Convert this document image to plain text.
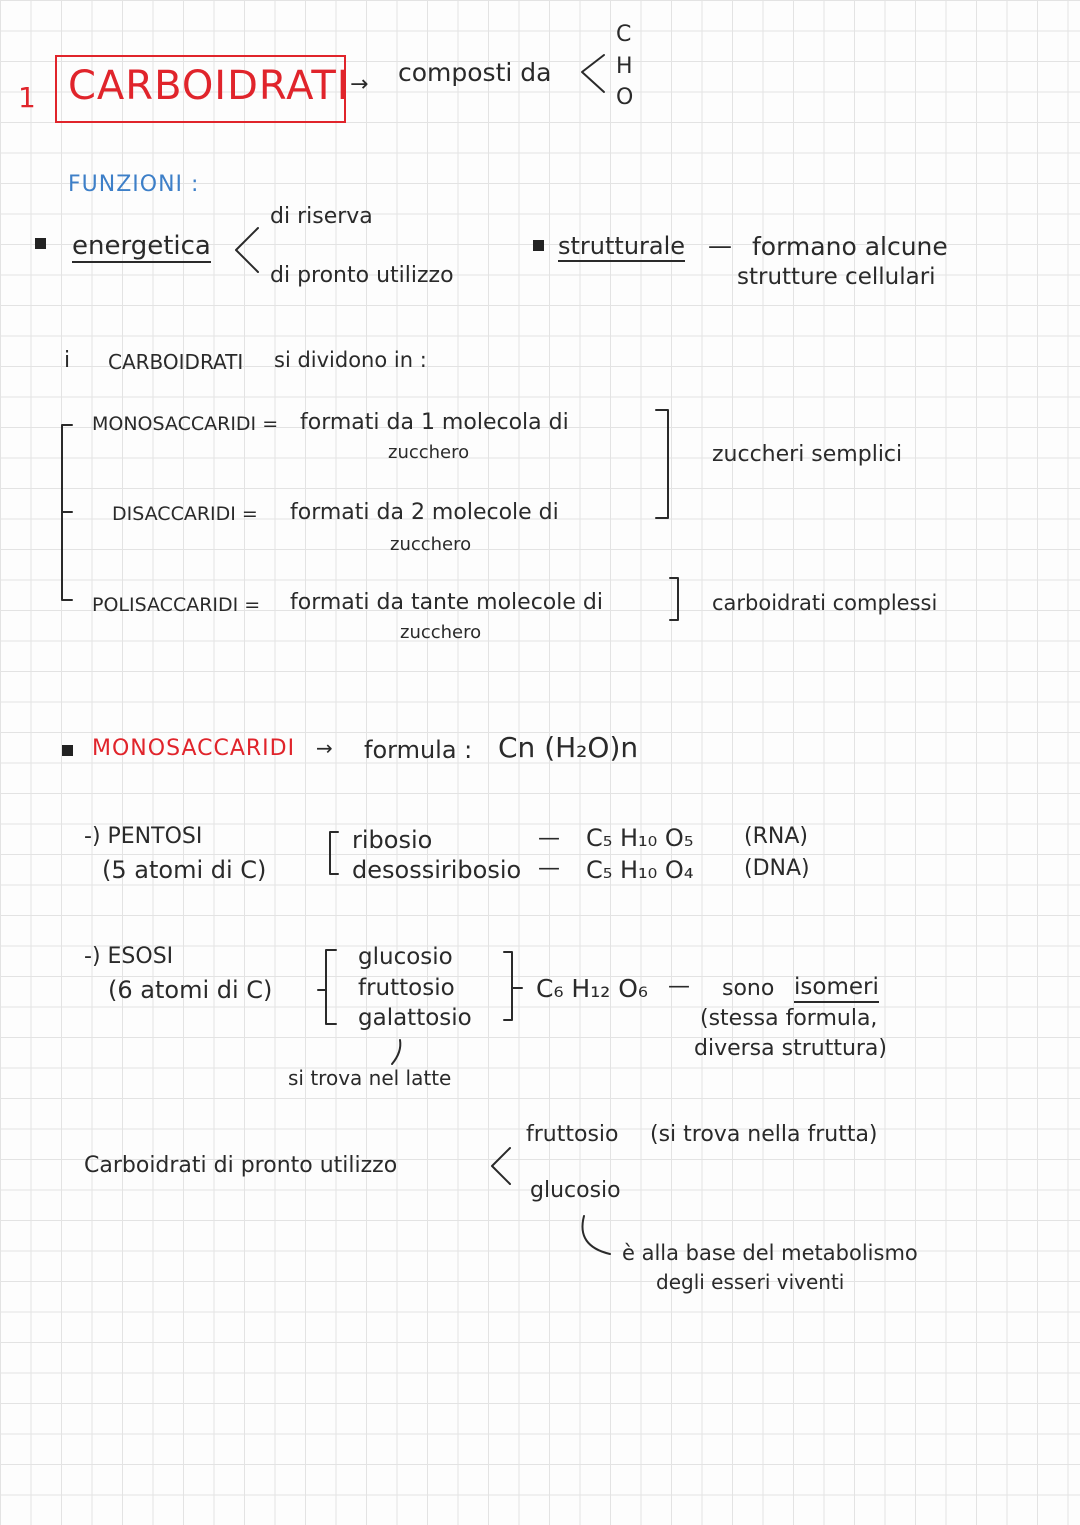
1 CARBOIDRATI → composti da
C
H
O
FUNZIONI :
energetica
di riserva
di pronto utilizzo
strutturale — formano alcune
strutture cellulari
i CARBOIDRATI si dividono in :
MONOSACCARIDI = formati da 1 molecola di
zucchero
DISACCARIDI = formati da 2 molecole di
zucchero
POLISACCARIDI = formati da tante molecole di
zucchero
zuccheri semplici
carboidrati complessi
MONOSACCARIDI → formula : Cn (H₂O)n
-) PENTOSI
(5 atomi di C)
ribosio
desossiribosio
—
—
C₅ H₁₀ O₅
C₅ H₁₀ O₄
(RNA)
(DNA)
-) ESOSI
(6 atomi di C)
glucosio
fruttosio
galattosio
C₆ H₁₂ O₆ — sono isomeri
(stessa formula,
diversa struttura)
si trova nel latte
Carboidrati di pronto utilizzo
fruttosio (si trova nella frutta)
glucosio
è alla base del metabolismo
degli esseri viventi
